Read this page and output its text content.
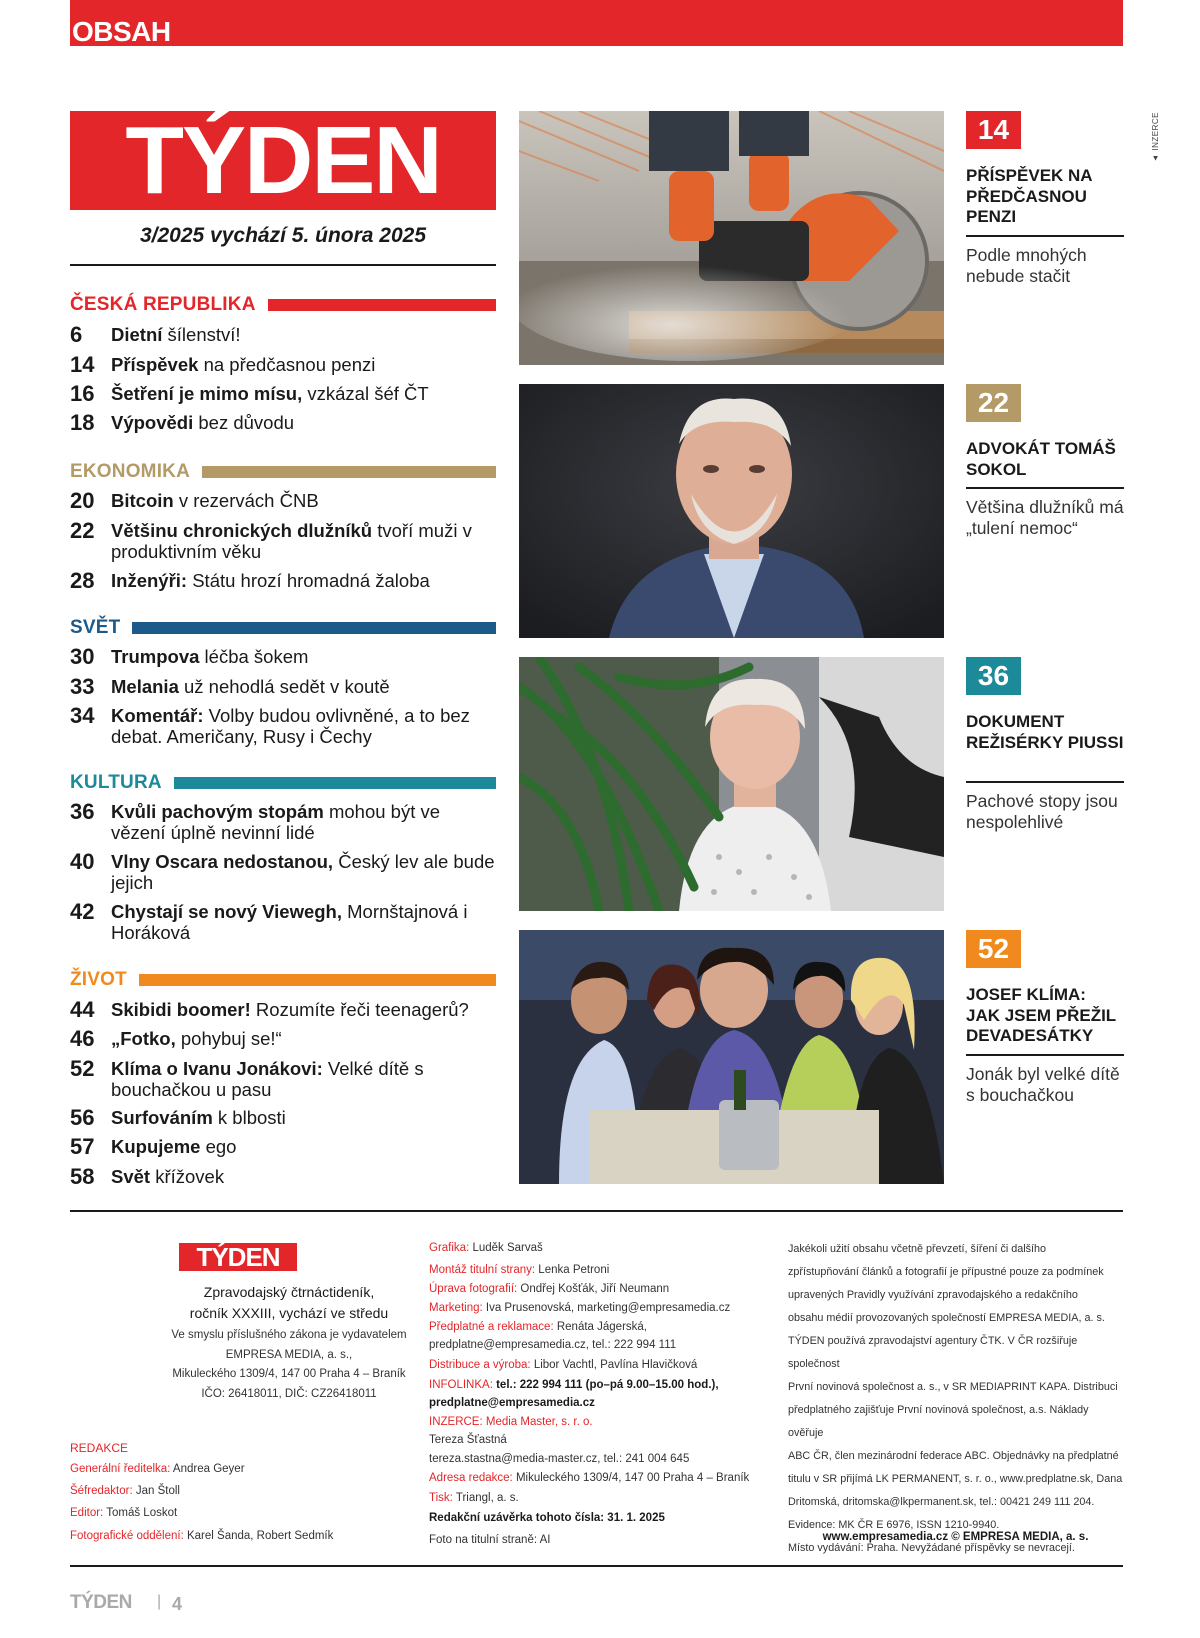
OBSAH
TÝDEN
3/2025 vychází 5. února 2025
ČESKÁ REPUBLIKA
6	Dietní šílenství!
14 Příspěvek na předčasnou penzi
16 Šetření je mimo mísu, vzkázal šéf ČT
18 Výpovědi bez důvodu
EKONOMIKA
20 Bitcoin v rezervách ČNB
22 Většinu chronických dlužníků tvoří muži v produktivním věku
28 Inženýři: Státu hrozí hromadná žaloba
SVĚT
30 Trumpova léčba šokem
33 Melania už nehodlá sedět v koutě
34 Komentář: Volby budou ovlivněné, a to bez debat. Američany, Rusy i Čechy
KULTURA
36 Kvůli pachovým stopám mohou být ve vězení úplně nevinní lidé
40 Vlny Oscara nedostanou, Český lev ale bude jejich
42 Chystají se nový Viewegh, Mornštajnová i Horáková
ŽIVOT
44 Skibidi boomer! Rozumíte řeči teenagerů?
46 „Fotko, pohybuj se!“
52 Klíma o Ivanu Jonákovi: Velké dítě s bouchačkou u pasu
56 Surfováním k blbosti
57 Kupujeme ego
58 Svět křížovek
14
PŘÍSPĚVEK NA PŘEDČASNOU PENZI
Podle mnohých nebude stačit
22
ADVOKÁT TOMÁŠ SOKOL
Většina dlužníků má „tulení nemoc“
36
DOKUMENT REŽISÉRKY PIUSSI
Pachové stopy jsou nespolehlivé
52
JOSEF KLÍMA: JAK JSEM PŘEŽIL DEVADESÁTKY
Jonák byl velké dítě s bouchačkou
▲ INZERCE
TÝDEN
Zpravodajský čtrnáctideník,
ročník XXXIII, vychází ve středu
Ve smyslu příslušného zákona je vydavatelem
EMPRESA MEDIA, a. s.,
Mikuleckého 1309/4, 147 00 Praha 4 – Braník
IČO: 26418011, DIČ: CZ26418011
REDAKCE
Generální ředitelka: Andrea Geyer
Šéfredaktor: Jan Štoll
Editor: Tomáš Loskot
Fotografické oddělení: Karel Šanda, Robert Sedmík
Grafika: Luděk Sarvaš
Montáž titulní strany: Lenka Petroni
Úprava fotografií: Ondřej Košťák, Jiří Neumann
Marketing: Iva Prusenovská, marketing@empresamedia.cz
Předplatné a reklamace: Renáta Jágerská,
predplatne@empresamedia.cz, tel.: 222 994 111
Distribuce a výroba: Libor Vachtl, Pavlína Hlavičková
INFOLINKA: tel.: 222 994 111 (po–pá 9.00–15.00 hod.),
predplatne@empresamedia.cz
INZERCE: Media Master, s. r. o.
Tereza Šťastná
tereza.stastna@media-master.cz, tel.: 241 004 645
Adresa redakce: Mikuleckého 1309/4, 147 00 Praha 4 – Braník
Tisk: Triangl, a. s.
Redakční uzávěrka tohoto čísla: 31. 1. 2025
Foto na titulní straně: AI
Jakékoli užití obsahu včetně převzetí, šíření či dalšího
zpřístupňování článků a fotografií je přípustné pouze za podmínek
upravených Pravidly využívání zpravodajského a redakčního
obsahu médií provozovaných společností EMPRESA MEDIA, a. s.
TÝDEN používá zpravodajství agentury ČTK. V ČR rozšiřuje společnost
První novinová společnost a. s., v SR MEDIAPRINT KAPA. Distribuci
předplatného zajišťuje První novinová společnost, a.s. Náklady ověřuje
ABC ČR, člen mezinárodní federace ABC. Objednávky na předplatné
titulu v SR přijímá LK PERMANENT, s. r. o., www.predplatne.sk, Dana
Dritomská, dritomska@lkpermanent.sk, tel.: 00421 249 111 204.
Evidence: MK ČR E 6976, ISSN 1210-9940.
Místo vydávání: Praha. Nevyžádané příspěvky se nevracejí.
www.empresamedia.cz © EMPRESA MEDIA, a. s.
TÝDEN | 4
